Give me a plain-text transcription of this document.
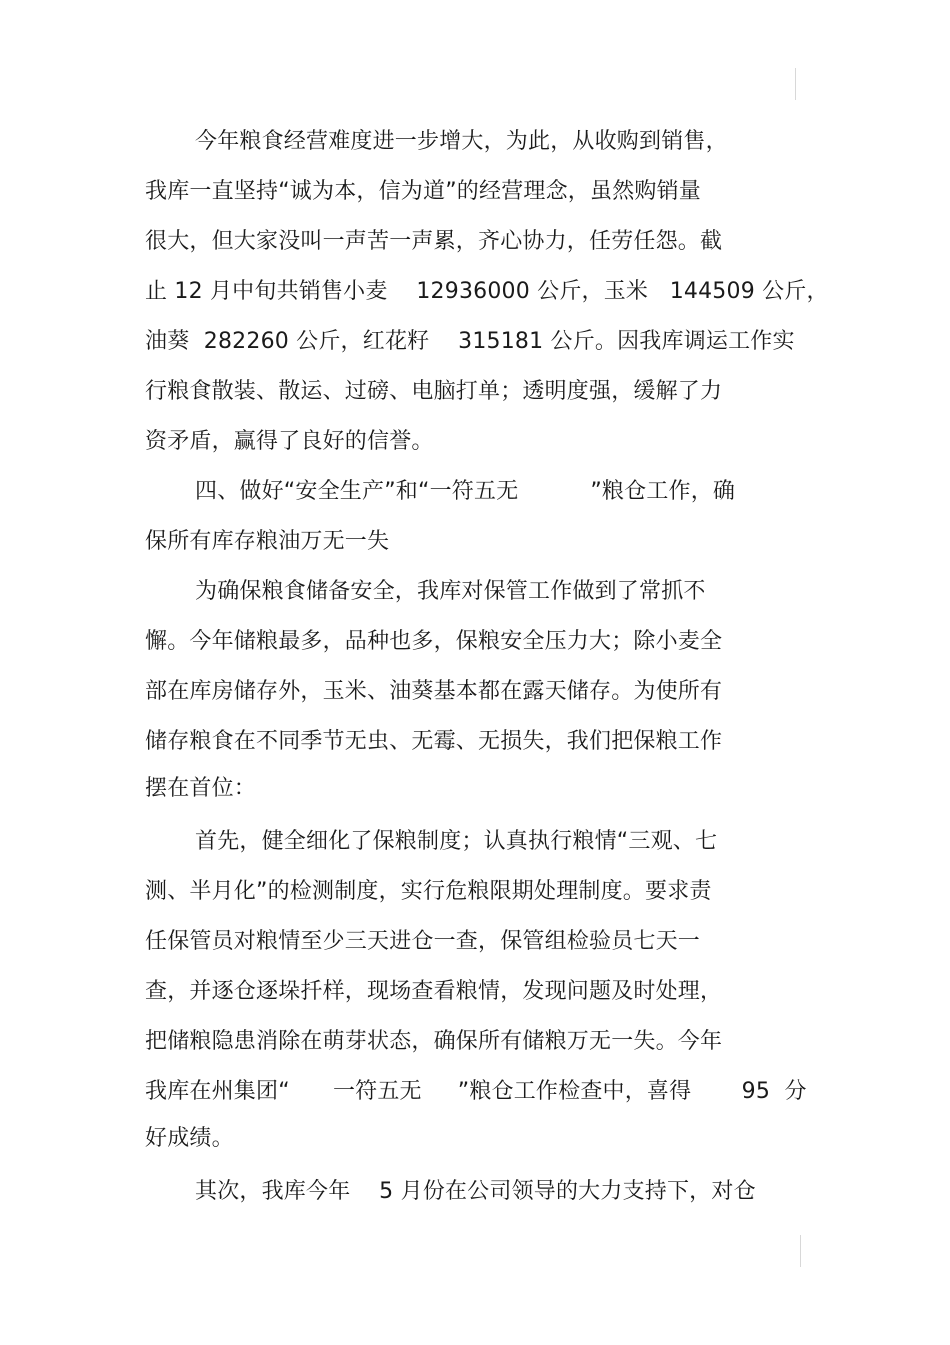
今年粮食经营难度进一步增大，为此，从收购到销售，
我库一直坚持“诚为本，信为道”的经营理念，虽然购销量
很大，但大家没叫一声苦一声累，齐心协力，任劳任怨。截
止 12 月中旬共销售小麦    12936000 公斤，玉米   144509 公斤，
油葵  282260 公斤，红花籽    315181 公斤。因我库调运工作实
行粮食散装、散运、过磅、电脑打单；透明度强，缓解了力
资矛盾，赢得了良好的信誉。
四、做好“安全生产”和“一符五无          ”粮仓工作，确
保所有库存粮油万无一失
为确保粮食储备安全，我库对保管工作做到了常抓不
懈。今年储粮最多，品种也多，保粮安全压力大；除小麦全
部在库房储存外，玉米、油葵基本都在露天储存。为使所有
储存粮食在不同季节无虫、无霉、无损失，我们把保粮工作
摆在首位：
首先，健全细化了保粮制度；认真执行粮情“三观、七
测、半月化”的检测制度，实行危粮限期处理制度。要求责
任保管员对粮情至少三天进仓一查，保管组检验员七天一
查，并逐仓逐垛扦样，现场查看粮情，发现问题及时处理，
把储粮隐患消除在萌芽状态，确保所有储粮万无一失。今年
我库在州集团“      一符五无     ”粮仓工作检查中，喜得       95  分
好成绩。
其次，我库今年    5 月份在公司领导的大力支持下，对仓
